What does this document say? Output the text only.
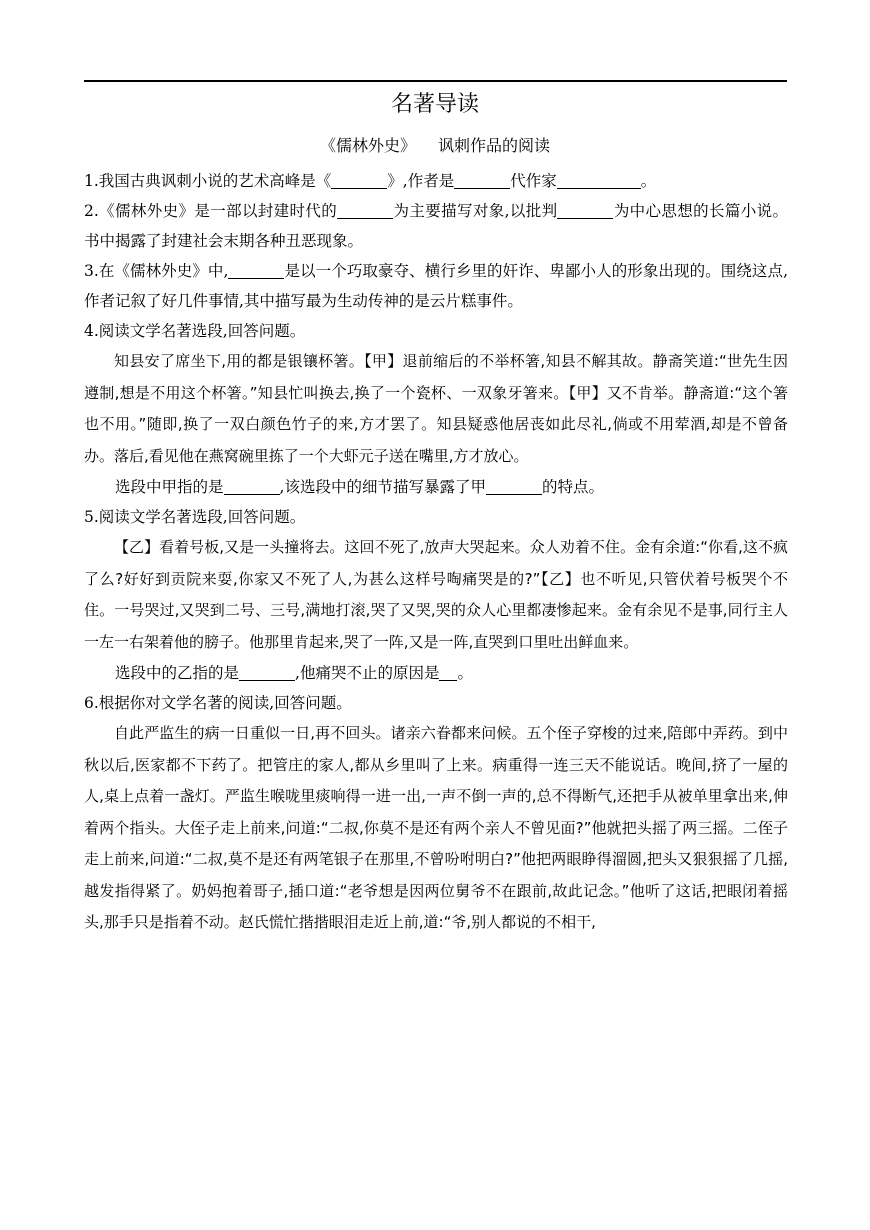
名著导读
《儒林外史》 讽刺作品的阅读

1.我国古典讽刺小说的艺术高峰是《	》,作者是	代作家	。

2.《儒林外史》是一部以封建时代的	为主要描写对象,以批判	为中心思想的长篇小说。书中揭露了封建社会末期各种丑恶现象。

3.在《儒林外史》中,	是以一个巧取豪夺、横行乡里的奸诈、卑鄙小人的形象出现的。围绕这点,作者记叙了好几件事情,其中描写最为生动传神的是云片糕事件。

4.阅读文学名著选段,回答问题。

知县安了席坐下,用的都是银镶杯箸。【甲】退前缩后的不举杯箸,知县不解其故。静斋笑道:“世先生因遵制,想是不用这个杯箸。”知县忙叫换去,换了一个瓷杯、一双象牙箸来。【甲】又不肯举。静斋道:“这个箸也不用。”随即,换了一双白颜色竹子的来,方才罢了。知县疑惑他居丧如此尽礼,倘或不用荤酒,却是不曾备办。落后,看见他在燕窝碗里拣了一个大虾元子送在嘴里,方才放心。

选段中甲指的是	,该选段中的细节描写暴露了甲	的特点。

5.阅读文学名著选段,回答问题。

【乙】看着号板,又是一头撞将去。这回不死了,放声大哭起来。众人劝着不住。金有余道:“你看,这不疯了么?好好到贡院来耍,你家又不死了人,为甚么这样号啕痛哭是的?”【乙】也不听见,只管伏着号板哭个不住。一号哭过,又哭到二号、三号,满地打滚,哭了又哭,哭的众人心里都凄惨起来。金有余见不是事,同行主人一左一右架着他的膀子。他那里肯起来,哭了一阵,又是一阵,直哭到口里吐出鲜血来。

选段中的乙指的是	,他痛哭不止的原因是 。

6.根据你对文学名著的阅读,回答问题。

自此严监生的病一日重似一日,再不回头。诸亲六眷都来问候。五个侄子穿梭的过来,陪郎中弄药。到中秋以后,医家都不下药了。把管庄的家人,都从乡里叫了上来。病重得一连三天不能说话。晚间,挤了一屋的人,桌上点着一盏灯。严监生喉咙里痰响得一进一出,一声不倒一声的,总不得断气,还把手从被单里拿出来,伸着两个指头。大侄子走上前来,问道:“二叔,你莫不是还有两个亲人不曾见面?”他就把头摇了两三摇。二侄子走上前来,问道:“二叔,莫不是还有两笔银子在那里,不曾吩咐明白?”他把两眼睁得溜圆,把头又狠狠摇了几摇,越发指得紧了。奶妈抱着哥子,插口道:“老爷想是因两位舅爷不在跟前,故此记念。”他听了这话,把眼闭着摇头,那手只是指着不动。赵氏慌忙揩揩眼泪走近上前,道:“爷,别人都说的不相干,
